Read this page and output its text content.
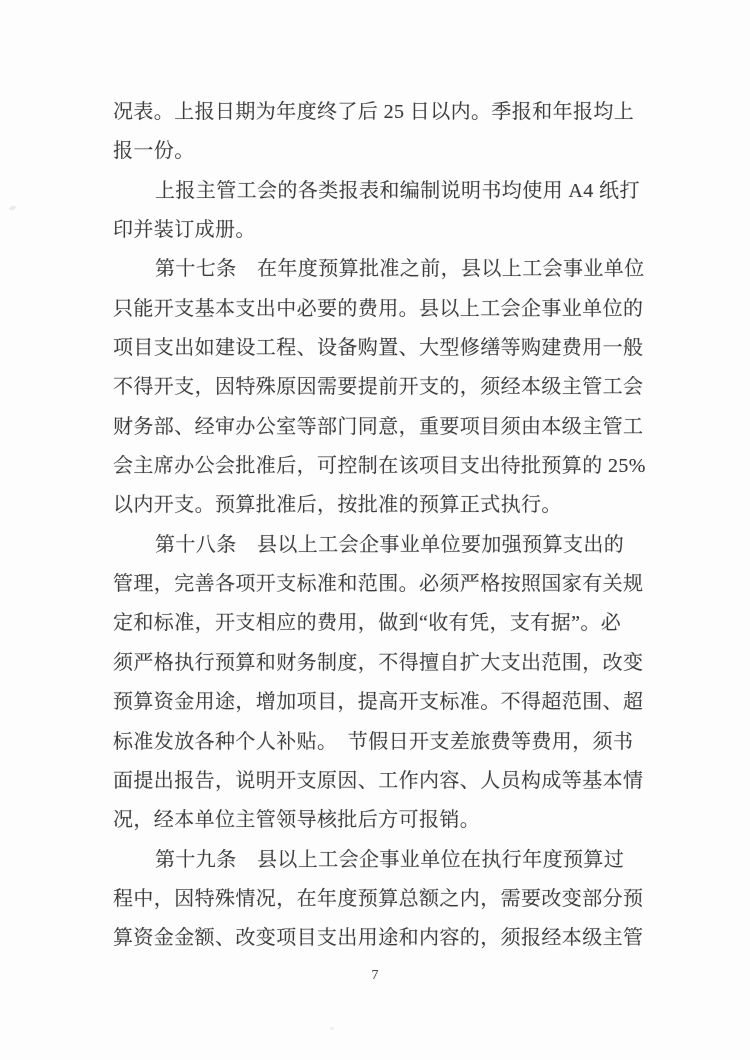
况表。上报日期为年度终了后 25 日以内。季报和年报均上
报一份。
上报主管工会的各类报表和编制说明书均使用 A4 纸打
印并装订成册。
第十七条　在年度预算批准之前，县以上工会事业单位
只能开支基本支出中必要的费用。县以上工会企事业单位的
项目支出如建设工程、设备购置、大型修缮等购建费用一般
不得开支，因特殊原因需要提前开支的，须经本级主管工会
财务部、经审办公室等部门同意，重要项目须由本级主管工
会主席办公会批准后，可控制在该项目支出待批预算的 25%
以内开支。预算批准后，按批准的预算正式执行。
第十八条　县以上工会企事业单位要加强预算支出的
管理，完善各项开支标准和范围。必须严格按照国家有关规
定和标准，开支相应的费用，做到“收有凭，支有据”。必
须严格执行预算和财务制度，不得擅自扩大支出范围，改变
预算资金用途，增加项目，提高开支标准。不得超范围、超
标准发放各种个人补贴。　节假日开支差旅费等费用，须书
面提出报告，说明开支原因、工作内容、人员构成等基本情
况，经本单位主管领导核批后方可报销。
第十九条　县以上工会企事业单位在执行年度预算过
程中，因特殊情况，在年度预算总额之内，需要改变部分预
算资金金额、改变项目支出用途和内容的，须报经本级主管
7
